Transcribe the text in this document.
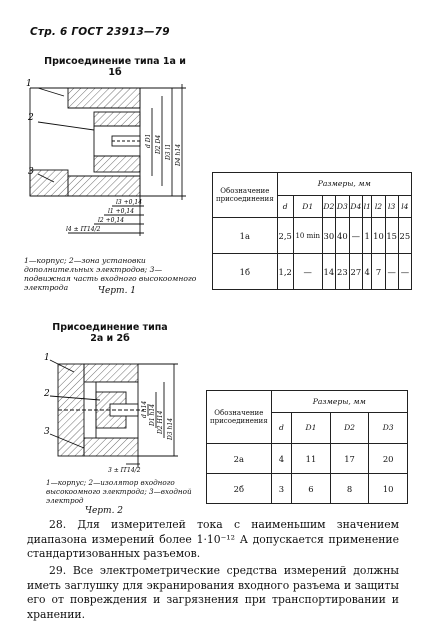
Стр. 6 ГОСТ 23913—79
Присоединение типа 1а и 1б
1
2
3
d D1 D2 D4 D3 l1 D4 h14
l3 +0,14
l1 +0,14
l2 +0,14
l4 ± IT14/2
1—корпус; 2—зона установки дополнительных электродов; 3—подвижная часть входного высокоомного электрода	Черт. 1
Обозначение присоединения	Размеры, мм								
	d	D1	D2	D3	D4	l1	l2	l3	l4
1а	2,5	10 min	30	40	—	1	10	15	25
1б	1,2	—	14	23	27	4	7	—	—
Присоединение типа 2а и 2б
1
2
3
d h14 D1 h14 D2 H14 D3 h14
3 ± IT14/2
1—корпус; 2—изолятор входного высокоомного электрода; 3—входной электрод
Черт. 2
Обозначение присоединения	Размеры, мм			
	d	D1	D2	D3
2а	4	11	17	20
2б	3	6	8	10
28. Для измерителей тока с наименьшим значением диапазона измерений более 1·10⁻¹² А допускается применение стандартизованных разъемов.
29. Все электрометрические средства измерений должны иметь заглушку для экранирования входного разъема и защиты его от повреждения и загрязнения при транспортировании и хранении.
